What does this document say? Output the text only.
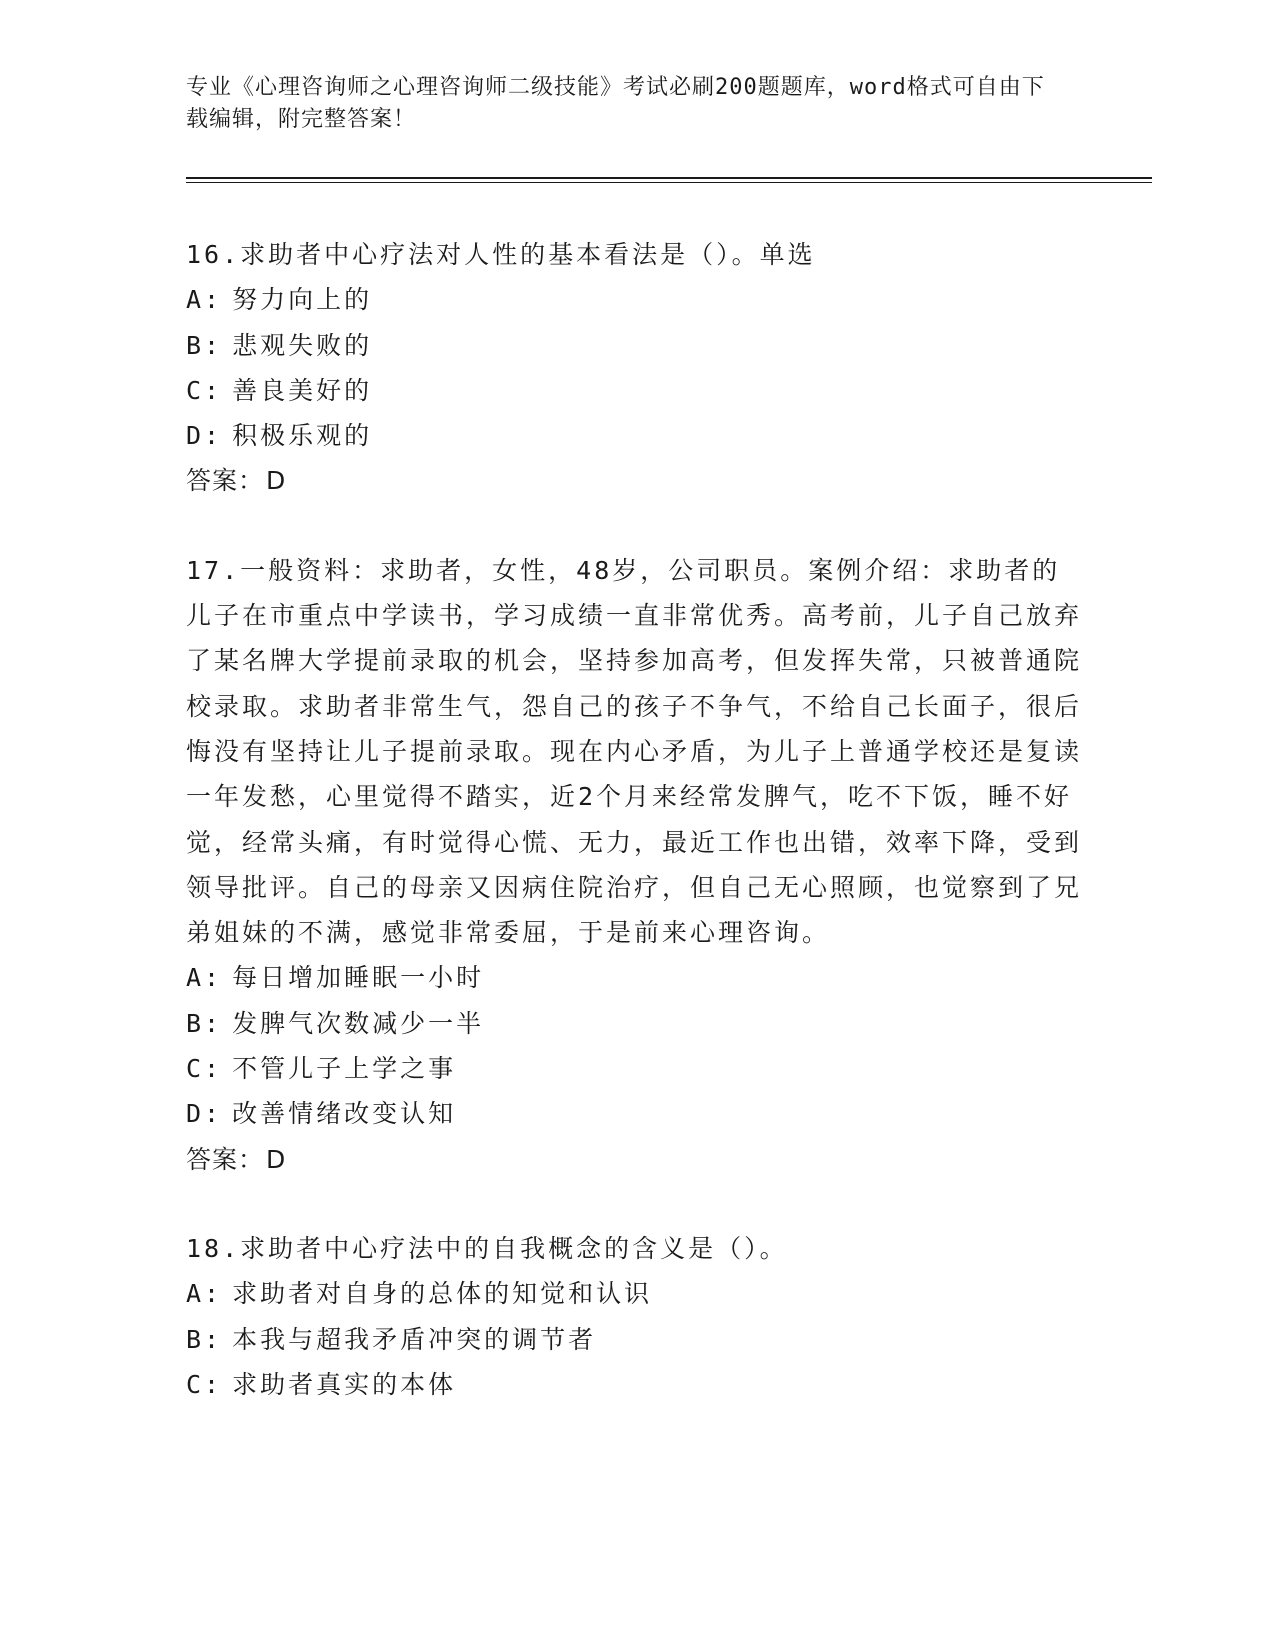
专业《心理咨询师之心理咨询师二级技能》考试必刷200题题库，word格式可自由下载编辑，附完整答案！

16.求助者中心疗法对人性的基本看法是（）。单选

A: 努力向上的

B: 悲观失败的

C: 善良美好的

D: 积极乐观的

答案：D

17.一般资料：求助者，女性，48岁，公司职员。案例介绍：求助者的儿子在市重点中学读书，学习成绩一直非常优秀。高考前，儿子自己放弃了某名牌大学提前录取的机会，坚持参加高考，但发挥失常，只被普通院校录取。求助者非常生气，怨自己的孩子不争气，不给自己长面子，很后悔没有坚持让儿子提前录取。现在内心矛盾，为儿子上普通学校还是复读一年发愁，心里觉得不踏实，近2个月来经常发脾气，吃不下饭，睡不好觉，经常头痛，有时觉得心慌、无力，最近工作也出错，效率下降，受到领导批评。自己的母亲又因病住院治疗，但自己无心照顾，也觉察到了兄弟姐妹的不满，感觉非常委屈，于是前来心理咨询。

A: 每日增加睡眠一小时

B: 发脾气次数减少一半

C: 不管儿子上学之事

D: 改善情绪改变认知

答案：D

18.求助者中心疗法中的自我概念的含义是（）。

A: 求助者对自身的总体的知觉和认识

B: 本我与超我矛盾冲突的调节者

C: 求助者真实的本体
